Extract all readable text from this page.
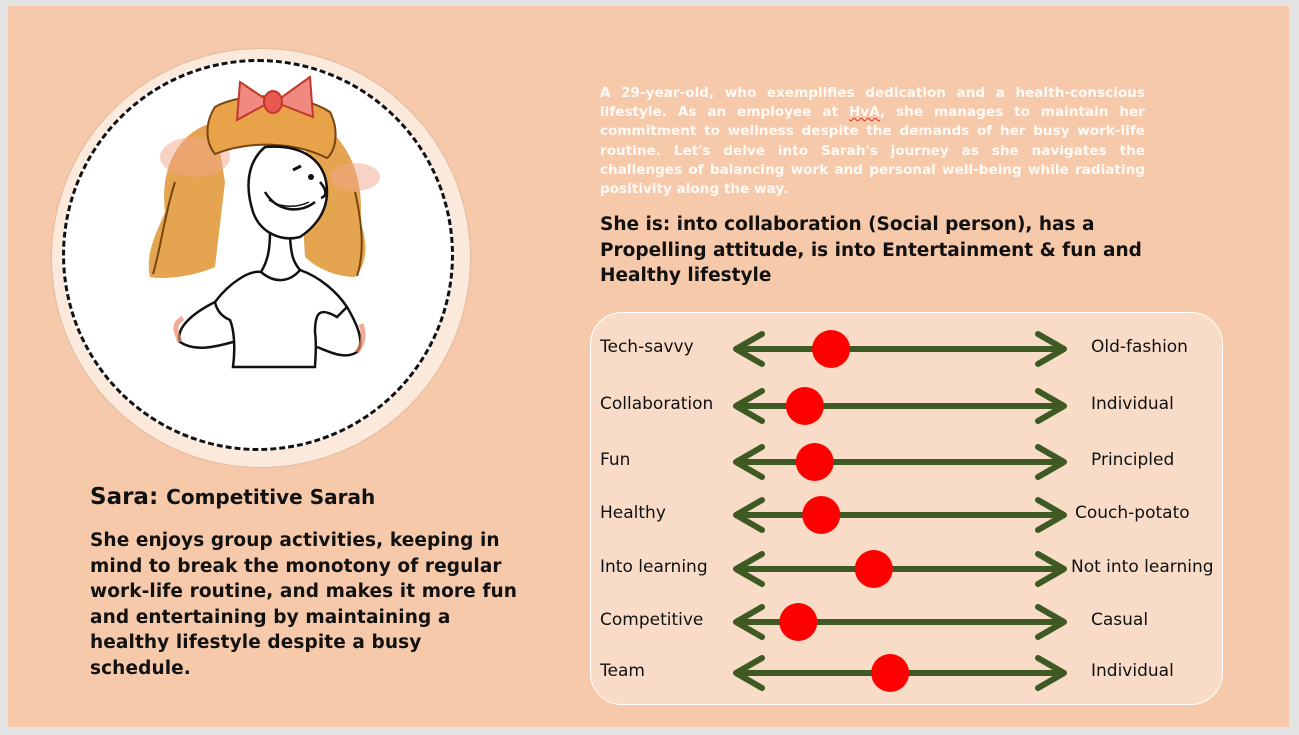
Sara: Competitive Sarah

She enjoys group activities, keeping in mind to break the monotony of regular work-life routine, and makes it more fun and entertaining by maintaining a healthy lifestyle despite a busy schedule.

A 29-year-old, who exemplifies dedication and a health-conscious lifestyle. As an employee at HvA, she manages to maintain her commitment to wellness despite the demands of her busy work-life routine. Let's delve into Sarah's journey as she navigates the challenges of balancing work and personal well-being while radiating positivity along the way.

She is: into collaboration (Social person), has a Propelling attitude, is into Entertainment & fun and Healthy lifestyle

Tech-savvy	Old-fashion
Collaboration	Individual
Fun	Principled
Healthy	Couch-potato
Into learning	Not into learning
Competitive	Casual
Team	Individual
